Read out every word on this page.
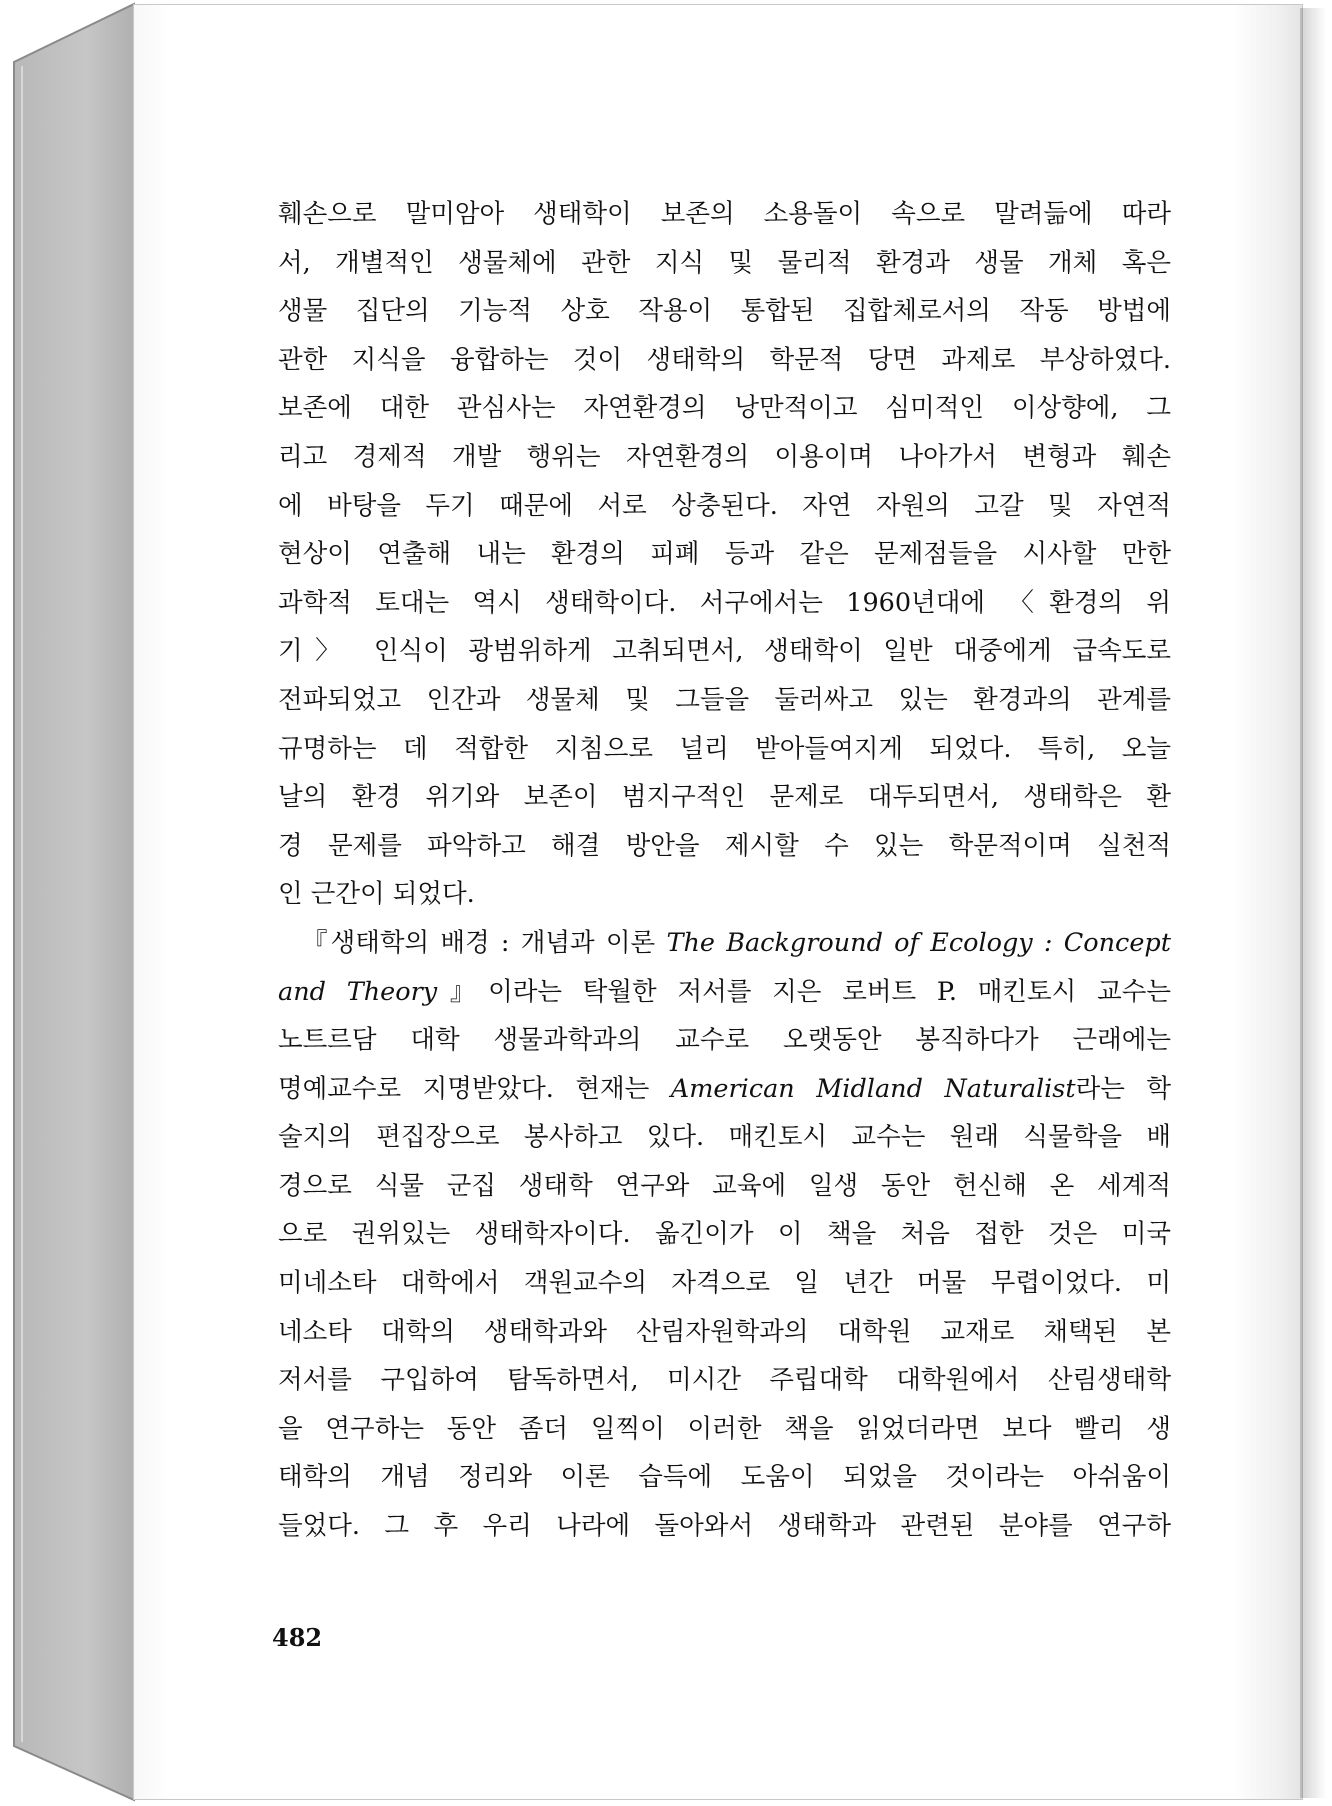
훼손으로 말미암아 생태학이 보존의 소용돌이 속으로 말려듦에 따라
서, 개별적인 생물체에 관한 지식 및 물리적 환경과 생물 개체 혹은
생물 집단의 기능적 상호 작용이 통합된 집합체로서의 작동 방법에
관한 지식을 융합하는 것이 생태학의 학문적 당면 과제로 부상하였다.
보존에 대한 관심사는 자연환경의 낭만적이고 심미적인 이상향에, 그
리고 경제적 개발 행위는 자연환경의 이용이며 나아가서 변형과 훼손
에 바탕을 두기 때문에 서로 상충된다. 자연 자원의 고갈 및 자연적
현상이 연출해 내는 환경의 피폐 등과 같은 문제점들을 시사할 만한
과학적 토대는 역시 생태학이다. 서구에서는 1960년대에 〈환경의 위
기〉 인식이 광범위하게 고취되면서, 생태학이 일반 대중에게 급속도로
전파되었고 인간과 생물체 및 그들을 둘러싸고 있는 환경과의 관계를
규명하는 데 적합한 지침으로 널리 받아들여지게 되었다. 특히, 오늘
날의 환경 위기와 보존이 범지구적인 문제로 대두되면서, 생태학은 환
경 문제를 파악하고 해결 방안을 제시할 수 있는 학문적이며 실천적
인 근간이 되었다.
『생태학의 배경 : 개념과 이론 The Background of Ecology : Concept
and Theory』이라는 탁월한 저서를 지은 로버트 P. 매킨토시 교수는
노트르담 대학 생물과학과의 교수로 오랫동안 봉직하다가 근래에는
명예교수로 지명받았다. 현재는 American Midland Naturalist라는 학
술지의 편집장으로 봉사하고 있다. 매킨토시 교수는 원래 식물학을 배
경으로 식물 군집 생태학 연구와 교육에 일생 동안 헌신해 온 세계적
으로 권위있는 생태학자이다. 옮긴이가 이 책을 처음 접한 것은 미국
미네소타 대학에서 객원교수의 자격으로 일 년간 머물 무렵이었다. 미
네소타 대학의 생태학과와 산림자원학과의 대학원 교재로 채택된 본
저서를 구입하여 탐독하면서, 미시간 주립대학 대학원에서 산림생태학
을 연구하는 동안 좀더 일찍이 이러한 책을 읽었더라면 보다 빨리 생
태학의 개념 정리와 이론 습득에 도움이 되었을 것이라는 아쉬움이
들었다. 그 후 우리 나라에 돌아와서 생태학과 관련된 분야를 연구하
482
